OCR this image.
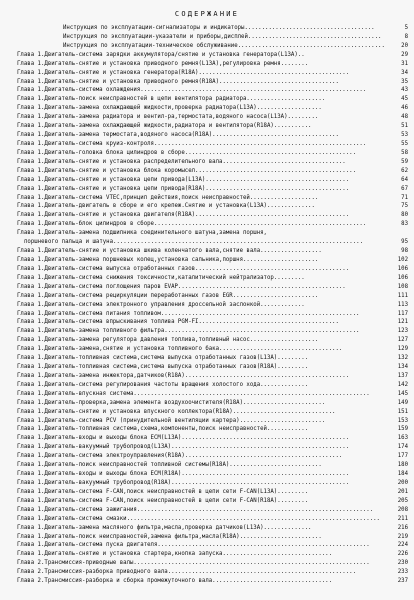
СОДЕРЖАНИЕ
Инструкция по эксплуатации-сигнализаторы и индикаторы......................................	5
Инструкция по эксплуатации-указатели и приборы,дисплей.......................................	8
Инструкция по эксплуатации-техническое обслуживание...........................................	20
Глава 1.Двигатель-система зарядки аккумулятора/снятие и установка генератора(L13A)..	29
Глава 1.Двигатель-снятие и установка приводного ремня(L13A),регулировка ремня........	31
Глава 1.Двигатель-снятие и установка генератора(R18A)............................................	34
Глава 1.Двигатель-снятие и установка приводного ремня(R18A)...................................	35
Глава 1.Двигатель-система охлаждения..................................................................	43
Глава 1.Двигатель-поиск неисправностей в цепи вентилятора радиатора.......................	45
Глава 1.Двигатель-замена охлаждающей жидкости,проверка радиатора(L13A)...................	46
Глава 1.Двигатель-замена радиатора и вентил-ра,термостата,водяного насоса(L13A).........	48
Глава 1.Двигатель-замена охлаждающей жидкости,радиатора и вентилятора(R18A)...........	51
Глава 1.Двигатель-замена термостата,водяного насоса(R18A).....................................	53
Глава 1.Двигатель-система круиз-контроля..............................................................	55
Глава 1.Двигатель-головка блока цилиндров в сборе..................................................	58
Глава 1.Двигатель-снятие и установка распределительного вала....................................	59
Глава 1.Двигатель-снятие и установка блока коромысел...............................................	62
Глава 1.Двигатель-снятие и установка цепи привода(L13A)..........................................	64
Глава 1.Двигатель-снятие и установка цепи привода(R18A)..........................................	67
Глава 1.Двигатель-система VTEC,принцип действия,поиск неисправностей....................	71
Глава 1.Двигатель-двигатель в сборе и его крепеж.Снятие и установка(L13A)..............	75
Глава 1.Двигатель-снятие и установка двигателя(R18A).............................................	80
Глава 1.Двигатель-блок цилиндров в сборе..............................................................	83
Глава 1.Двигатель-замена подшипника соединительного шатуна,замена поршня,
поршневого пальца и шатуна.........................................................................	95
Глава 1.Двигатель-снятие и установка шкива коленчатого вала,снятие вала..................	98
Глава 1.Двигатель-замена поршневых колец,установка сальника,поршня......................	102
Глава 1.Двигатель-система выпуска отработанных газов.............................................	106
Глава 1.Двигатель-система снижения токсичности,каталитический нейтрализатор.........	106
Глава 1.Двигатель-система поглощения паров EVAP.................................................	108
Глава 1.Двигатель-система рециркуляции переработанных газов EGR.........................	111
Глава 1.Двигатель-система электронного управления дроссельной заслонкой.............	113
Глава 1.Двигатель-система питания топливом..........................................................	117
Глава 1.Двигатель-система впрыскивания топлива PGM-FI.........................................	121
Глава 1.Двигатель-замена топливного фильтра.........................................................	123
Глава 1.Двигатель-замена регулятора давления топлива,топливный насос....................	127
Глава 1.Двигатель-замена,снятие и установка топливного бака....................................	129
Глава 1.Двигатель-топливная система,система выпуска отработанных газов(L13A).........	132
Глава 1.Двигатель-топливная система,система выпуска отработанных газов(R18A).........	134
Глава 1.Двигатель-замена инжектора,датчиков(R18A)................................................	137
Глава 1.Двигатель-система регулирования частоты вращения холостого хода..............	142
Глава 1.Двигатель-впускная система.....................................................................	145
Глава 1.Двигатель-проверка,замена элемента воздухоочистителя(R18A)........................	149
Глава 1.Двигатель-снятие и установка впускного коллектора(R18A)..............................	151
Глава 1.Двигатель-система PCV (принудительной вентиляции картера).........................	153
Глава 1.Двигатель-топливная система,схема,компоненты,поиск неисправностей............	159
Глава 1.Двигатель-входы и выходы блока ECM(L13A).................................................	163
Глава 1.Двигатель-вакуумный трубопровод(L13A)....................................................	174
Глава 1.Двигатель-система электроуправления(R18A)..............................................	177
Глава 1.Двигатель-поиск неисправностей топливной системы(R18A)...........................	180
Глава 1.Двигатель-входы и выходы блока ECM(R18A).................................................	184
Глава 1.Двигатель-вакуумный трубопровод(R18A)....................................................	200
Глава 1.Двигатель-система F-CAN,поиск неисправностей в цепи сети F-CAN(L13A).........	201
Глава 1.Двигатель-система F-CAN,поиск неисправностей в цепи сети F-CAN(R18A).........	205
Глава 1.Двигатель-система зажигания.....................................................................	208
Глава 1.Двигатель-система смазки..........................................................................	211
Глава 1.Двигатель-замена масляного фильтра,масла,проверка датчиков(L13A)..............	216
Глава 1.Двигатель-поиск неисправностей,замена фильтра,масла(R18A)........................	219
Глава 1.Двигатель-система пуска двигателя..............................................................	224
Глава 1.Двигатель-снятие и установка стартера,кнопка запуска................................	226
Глава 2.Трансмиссия-приводные валы.....................................................................	230
Глава 2.Трансмиссия-разборка приводного вала.......................................................	233
Глава 2.Трансмиссия-разборка и сборка промежуточного вала...................................	237
